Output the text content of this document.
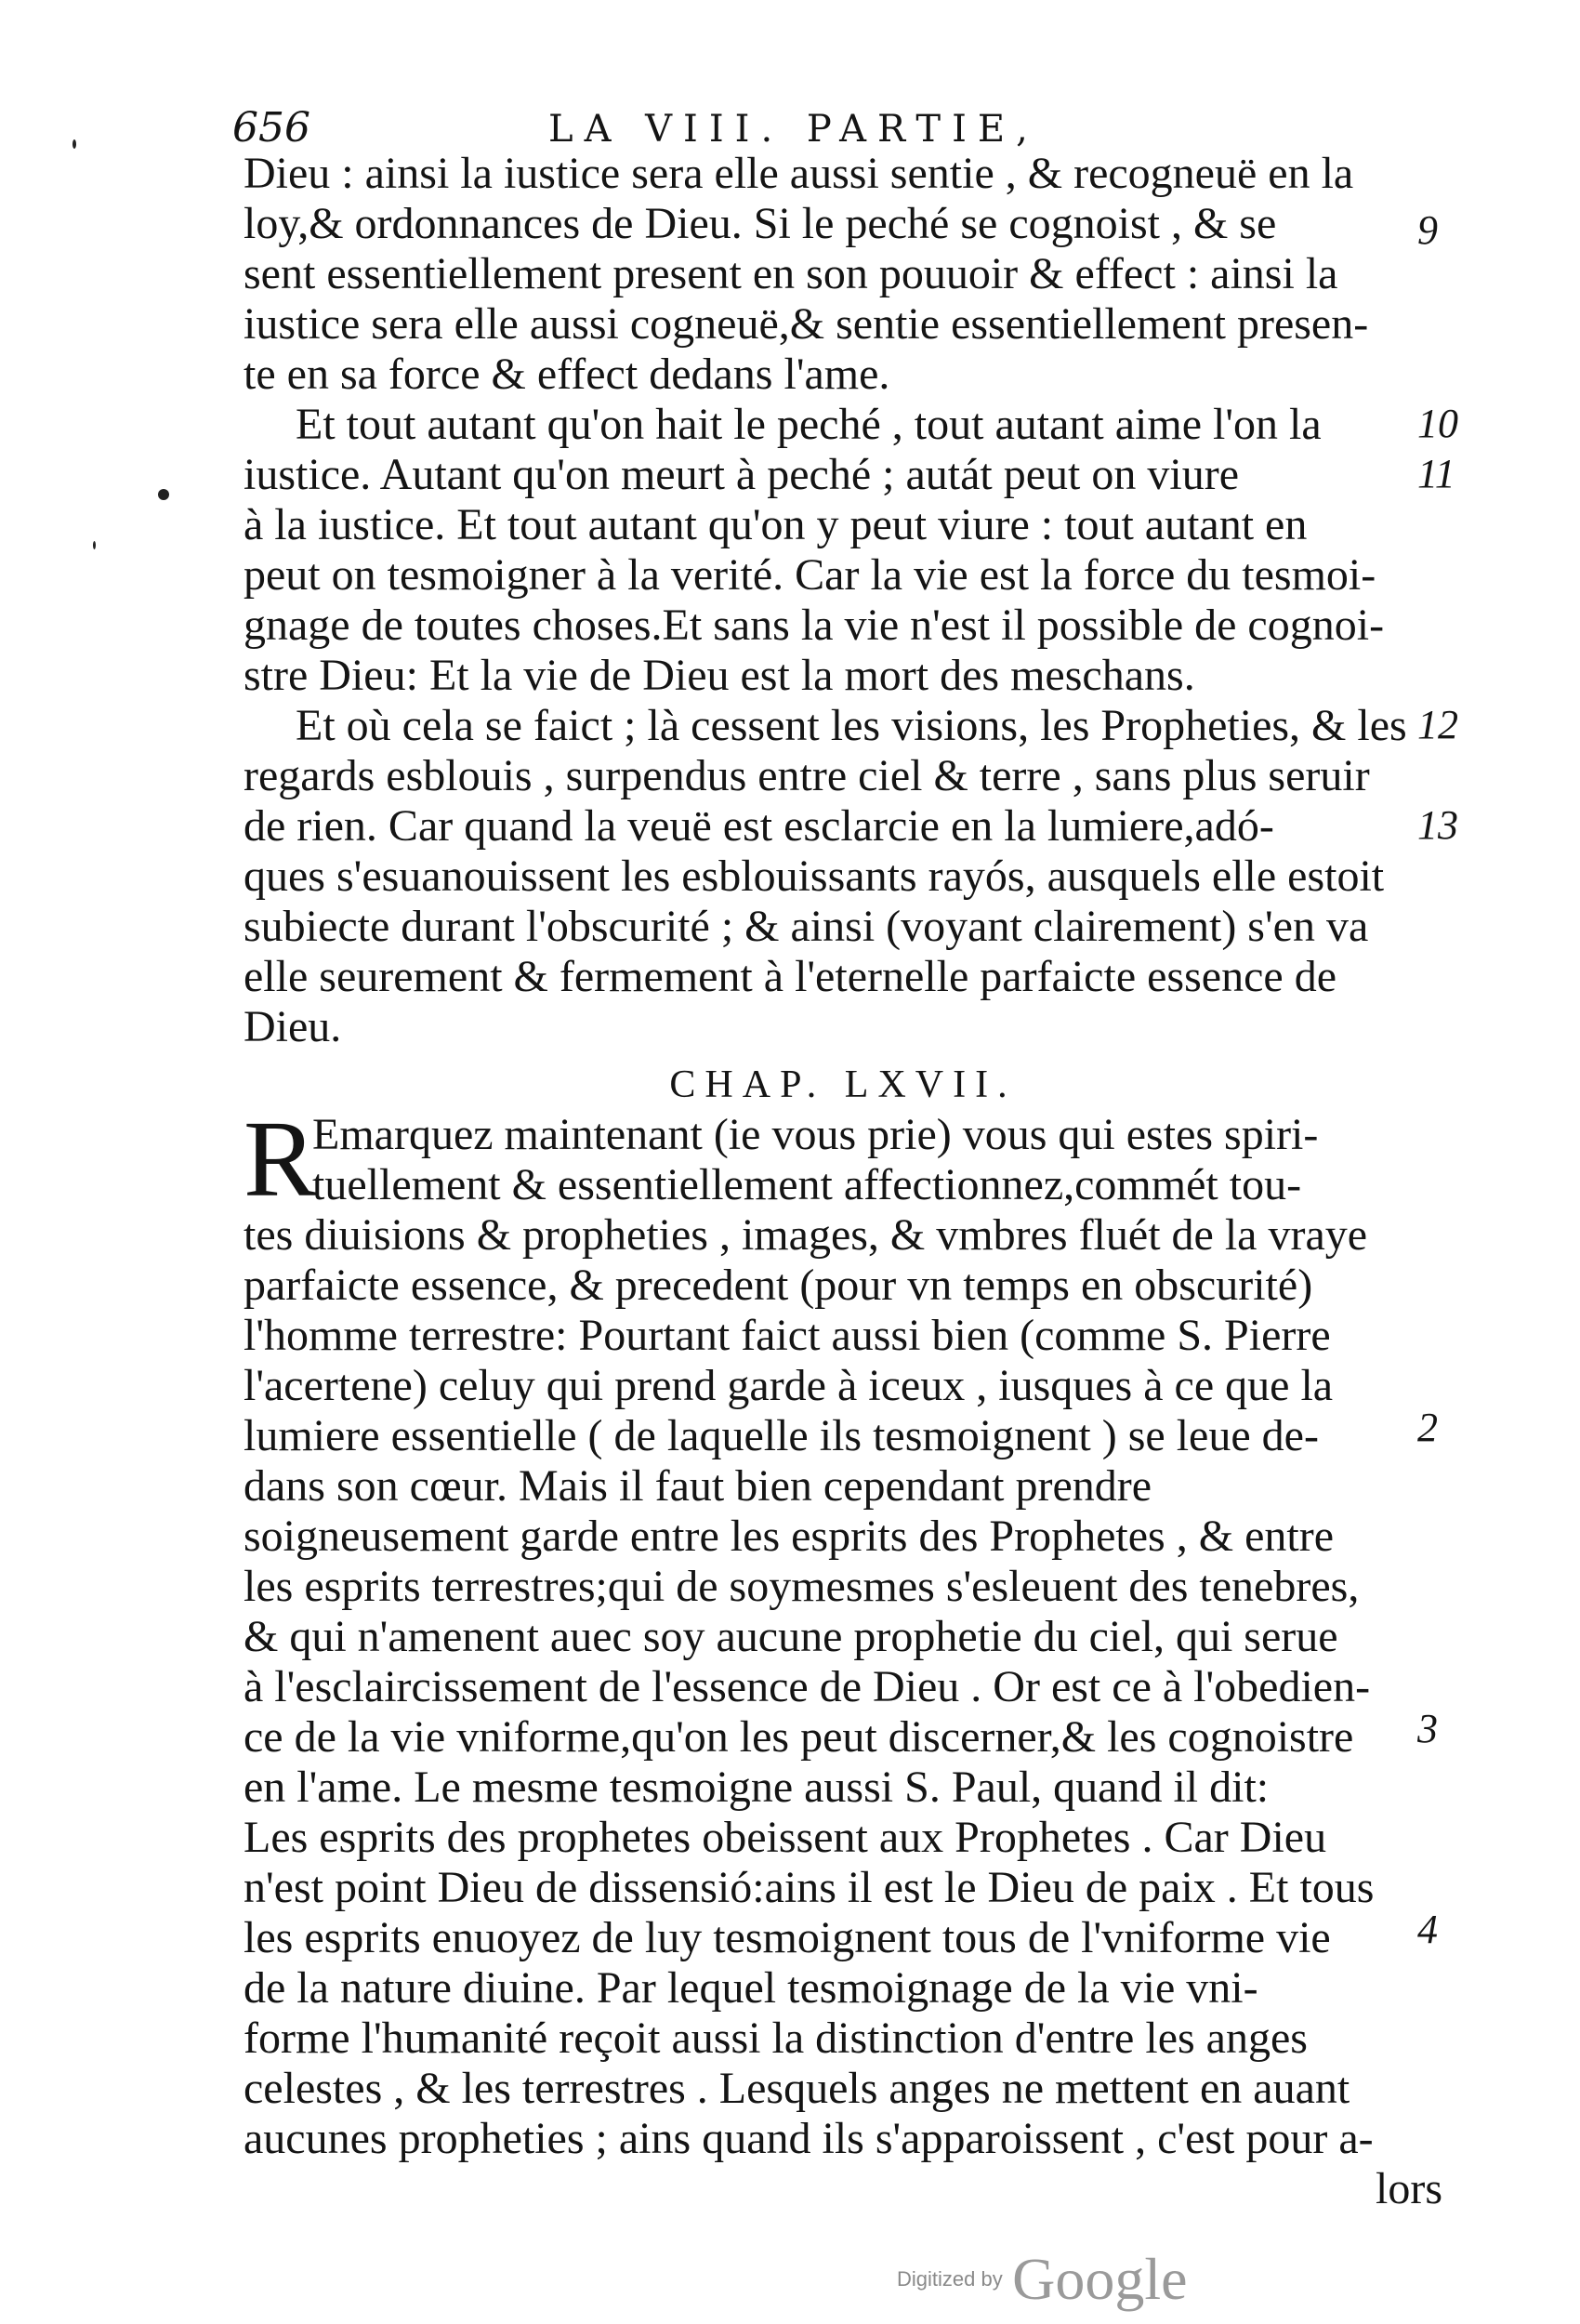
656	LA VIII. PARTIE,
Dieu : ainsi la iustice sera elle aussi sentie , & recogneuë en la
loy,& ordonnances de Dieu. Si le peché se cognoist , & se
sent essentiellement present en son pouuoir & effect : ainsi la
iustice sera elle aussi cogneuë,& sentie essentiellement presen-
te en sa force & effect dedans l'ame.
Et tout autant qu'on hait le peché , tout autant aime l'on la
iustice. Autant qu'on meurt à peché ; autát peut on viure
à la iustice. Et tout autant qu'on y peut viure : tout autant en
peut on tesmoigner à la verité. Car la vie est la force du tesmoi-
gnage de toutes choses.Et sans la vie n'est il possible de cognoi-
stre Dieu: Et la vie de Dieu est la mort des meschans.
Et où cela se faict ; là cessent les visions, les Propheties, & les
regards esblouis , surpendus entre ciel & terre , sans plus seruir
de rien. Car quand la veuë est esclarcie en la lumiere,adó-
ques s'esuanouissent les esblouissants rayós, ausquels elle estoit
subiecte durant l'obscurité ; & ainsi (voyant clairement) s'en va
elle seurement & fermement à l'eternelle parfaicte essence de
Dieu.
CHAP. LXVII.
R
Emarquez maintenant (ie vous prie) vous qui estes spiri-
tuellement & essentiellement affectionnez,commét tou-
tes diuisions & propheties , images, & vmbres fluét de la vraye
parfaicte essence, & precedent (pour vn temps en obscurité)
l'homme terrestre: Pourtant faict aussi bien (comme S. Pierre
l'acertene) celuy qui prend garde à iceux , iusques à ce que la
lumiere essentielle ( de laquelle ils tesmoignent ) se leue de-
dans son cœur. Mais il faut bien cependant prendre
soigneusement garde entre les esprits des Prophetes , & entre
les esprits terrestres;qui de soymesmes s'esleuent des tenebres,
& qui n'amenent auec soy aucune prophetie du ciel, qui serue
à l'esclaircissement de l'essence de Dieu . Or est ce à l'obedien-
ce de la vie vniforme,qu'on les peut discerner,& les cognoistre
en l'ame. Le mesme tesmoigne aussi S. Paul, quand il dit:
Les esprits des prophetes obeissent aux Prophetes . Car Dieu
n'est point Dieu de dissensió:ains il est le Dieu de paix . Et tous
les esprits enuoyez de luy tesmoignent tous de l'vniforme vie
de la nature diuine. Par lequel tesmoignage de la vie vni-
forme l'humanité reçoit aussi la distinction d'entre les anges
celestes , & les terrestres . Lesquels anges ne mettent en auant
aucunes propheties ; ains quand ils s'apparoissent , c'est pour a-
lors
9
10
11
12
13
2
3
4
Digitized by Google
